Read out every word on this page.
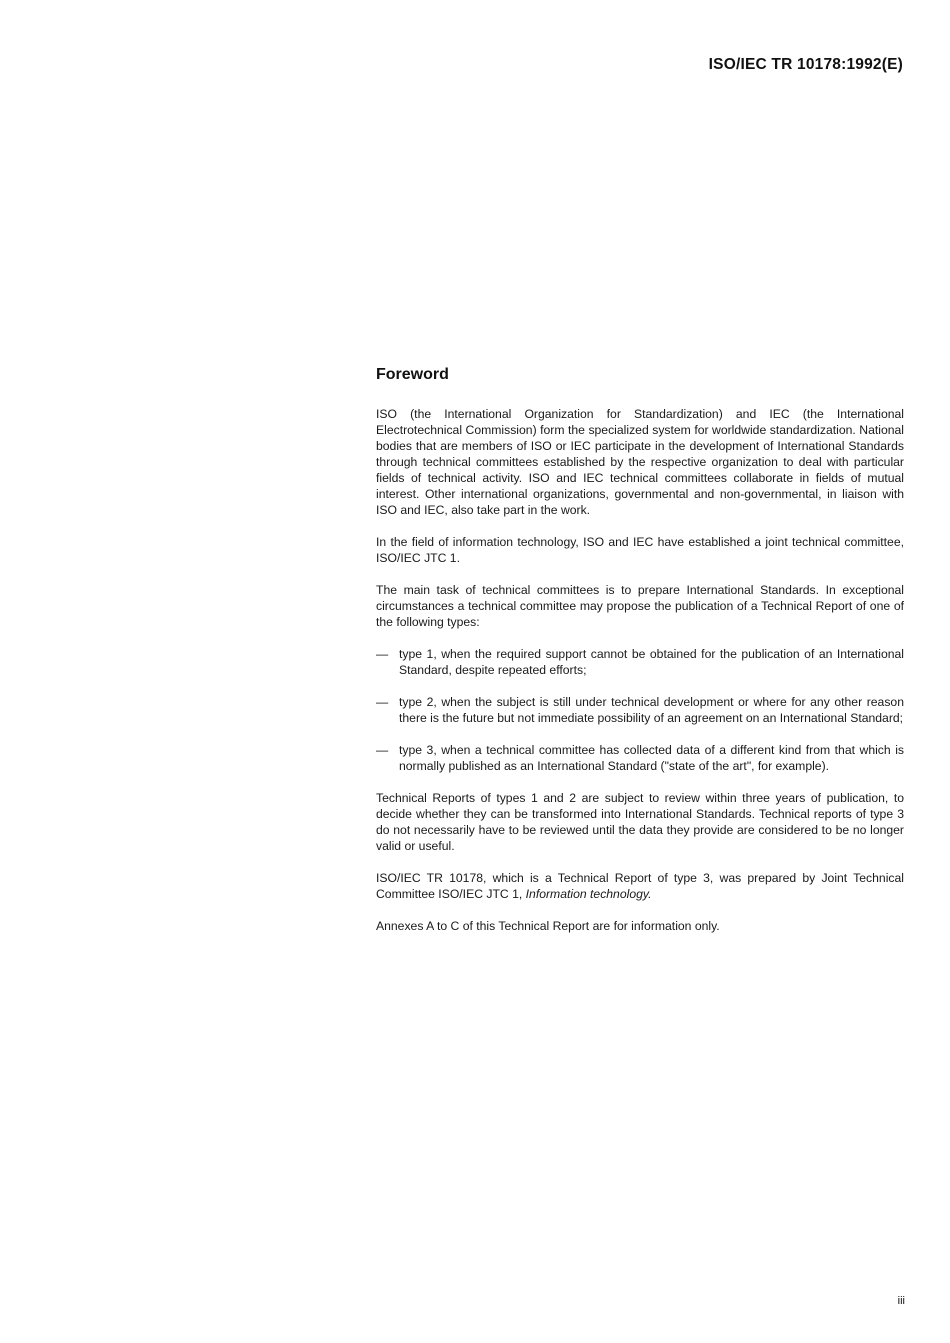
ISO/IEC TR 10178:1992(E)
Foreword

ISO (the International Organization for Standardization) and IEC (the International Electrotechnical Commission) form the specialized system for worldwide standardization. National bodies that are members of ISO or IEC participate in the development of International Standards through technical committees established by the respective organization to deal with particular fields of technical activity. ISO and IEC technical committees collaborate in fields of mutual interest. Other international organizations, governmental and non-governmental, in liaison with ISO and IEC, also take part in the work.

In the field of information technology, ISO and IEC have established a joint technical committee, ISO/IEC JTC 1.

The main task of technical committees is to prepare International Standards. In exceptional circumstances a technical committee may propose the publication of a Technical Report of one of the following types:

— type 1, when the required support cannot be obtained for the publication of an International Standard, despite repeated efforts;
— type 2, when the subject is still under technical development or where for any other reason there is the future but not immediate possibility of an agreement on an International Standard;
— type 3, when a technical committee has collected data of a different kind from that which is normally published as an International Standard ("state of the art", for example).

Technical Reports of types 1 and 2 are subject to review within three years of publication, to decide whether they can be transformed into International Standards. Technical reports of type 3 do not necessarily have to be reviewed until the data they provide are considered to be no longer valid or useful.

ISO/IEC TR 10178, which is a Technical Report of type 3, was prepared by Joint Technical Committee ISO/IEC JTC 1, Information technology.

Annexes A to C of this Technical Report are for information only.

iii
